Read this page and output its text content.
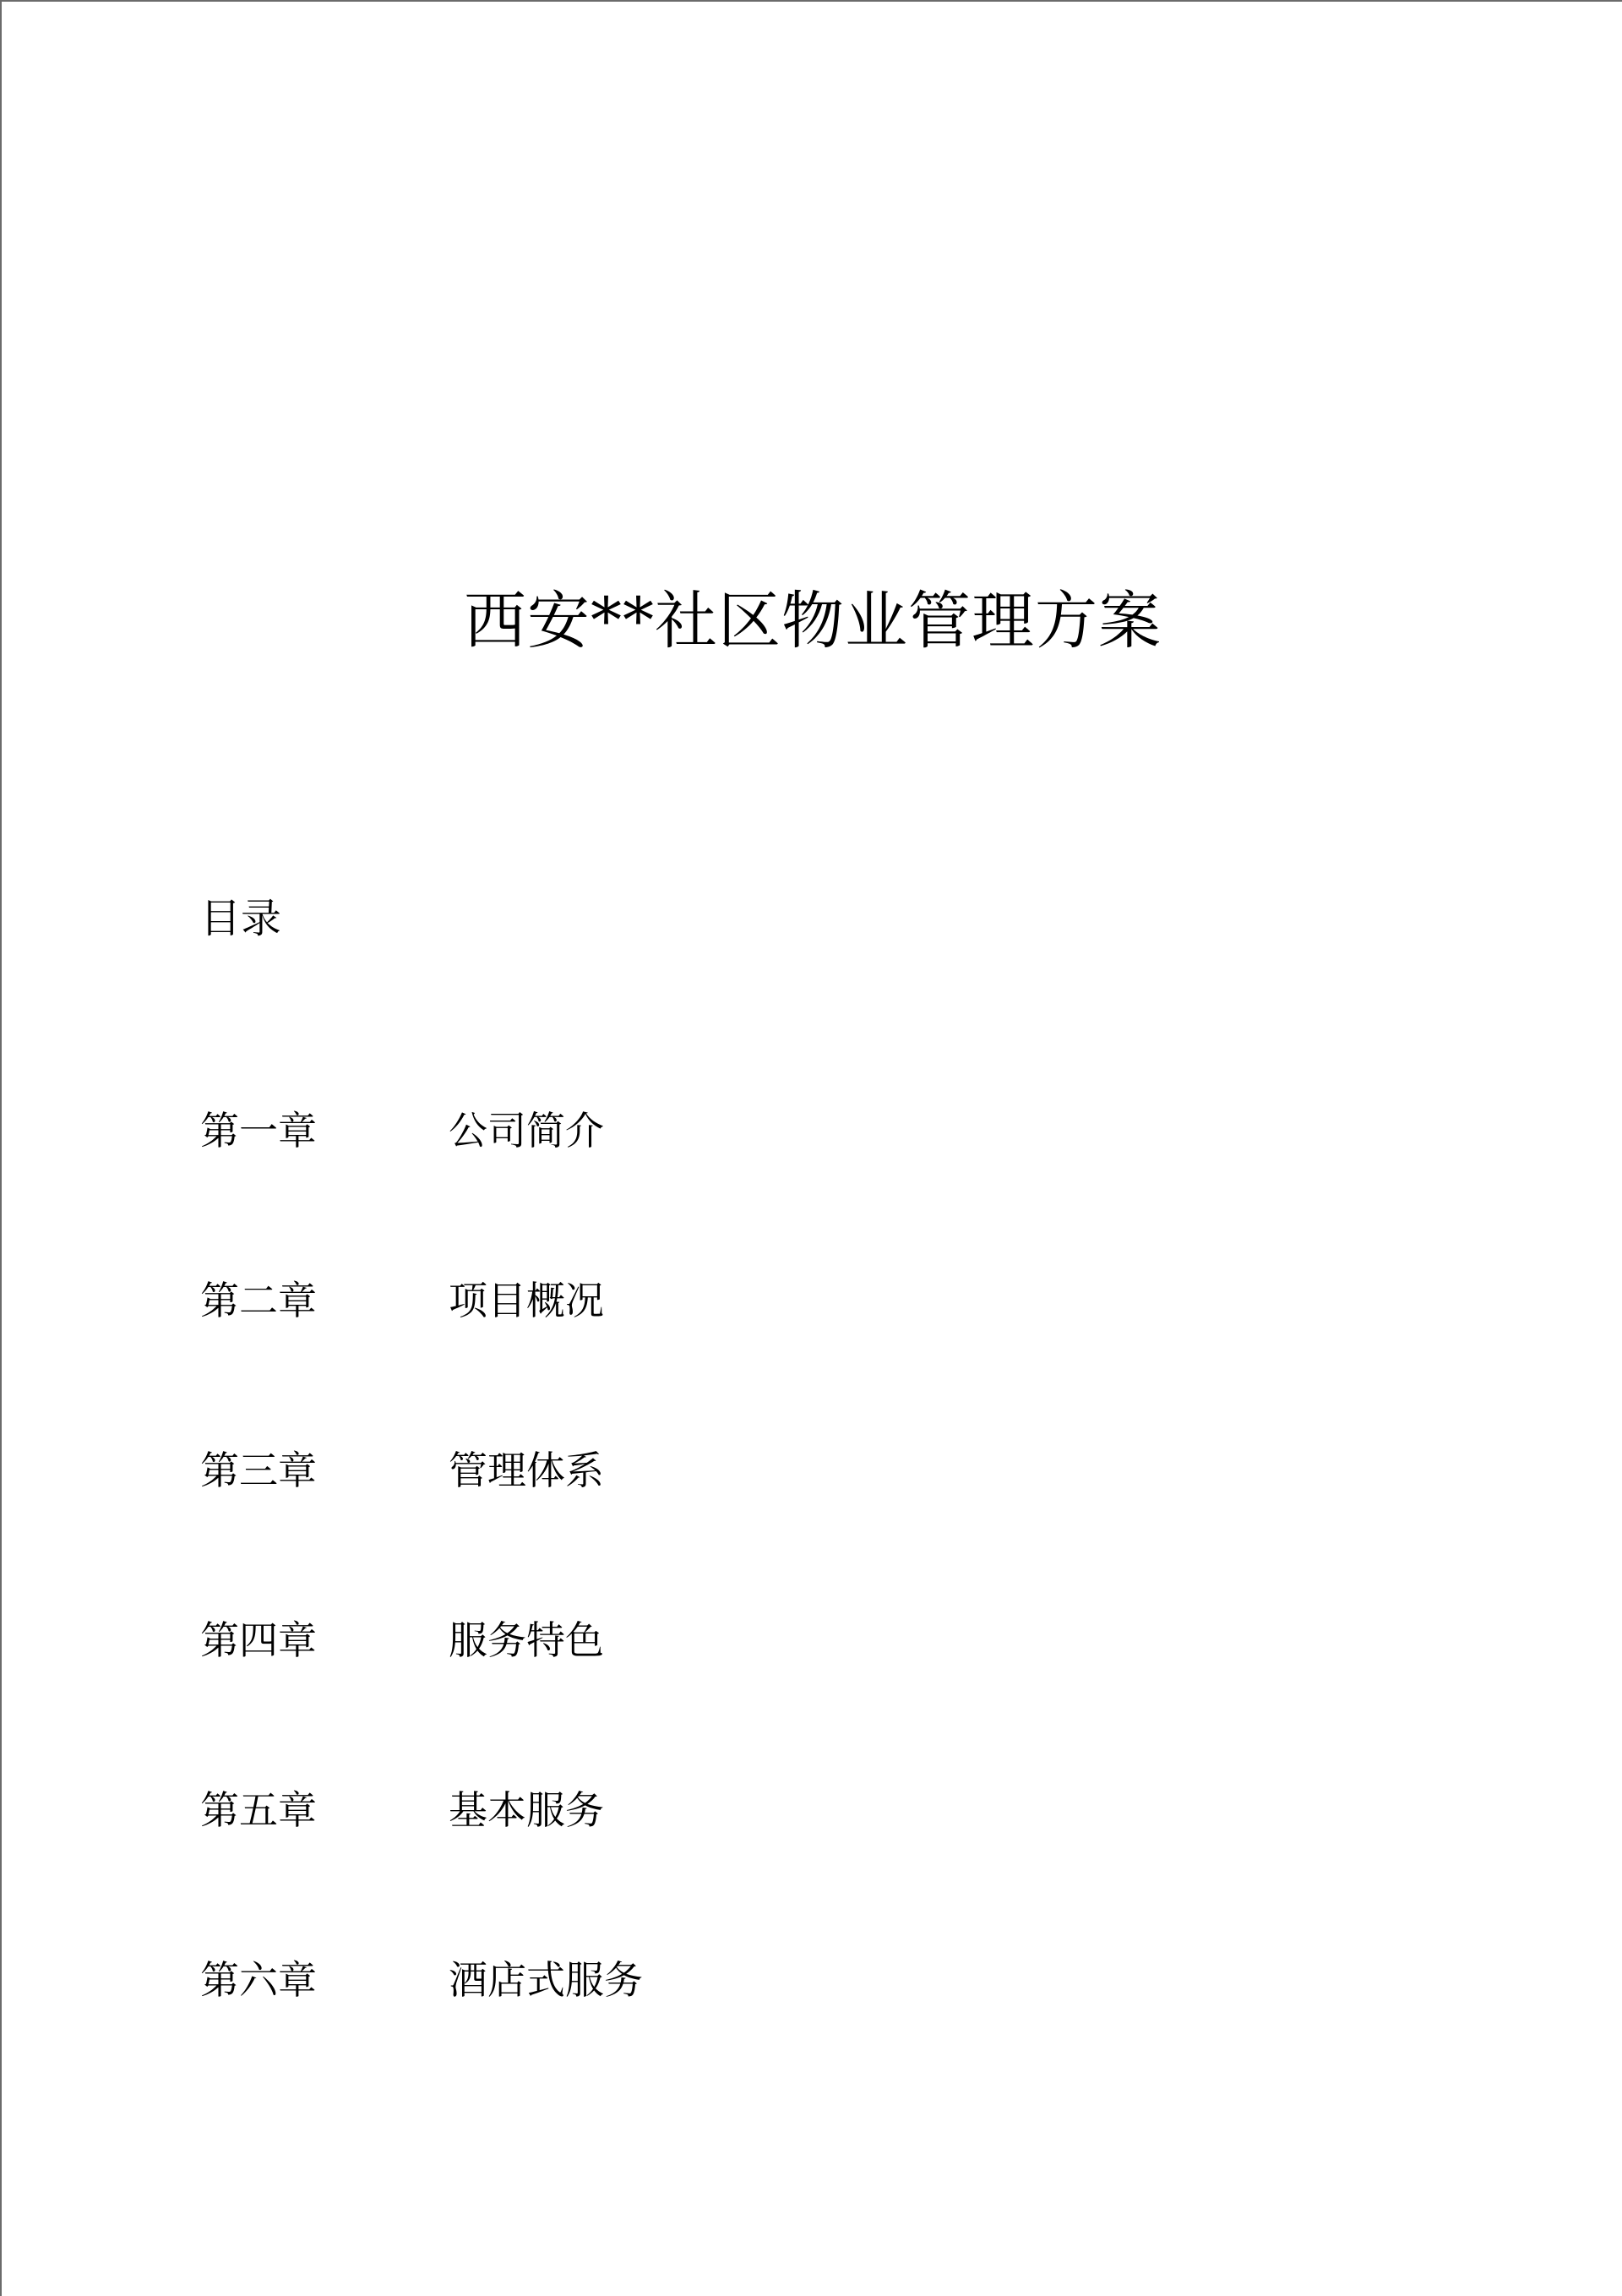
西安**社区物业管理方案
目录
第一章	公司简介
第二章	项目概况
第三章	管理体系
第四章	服务特色
第五章	基本服务
第六章	酒店式服务
